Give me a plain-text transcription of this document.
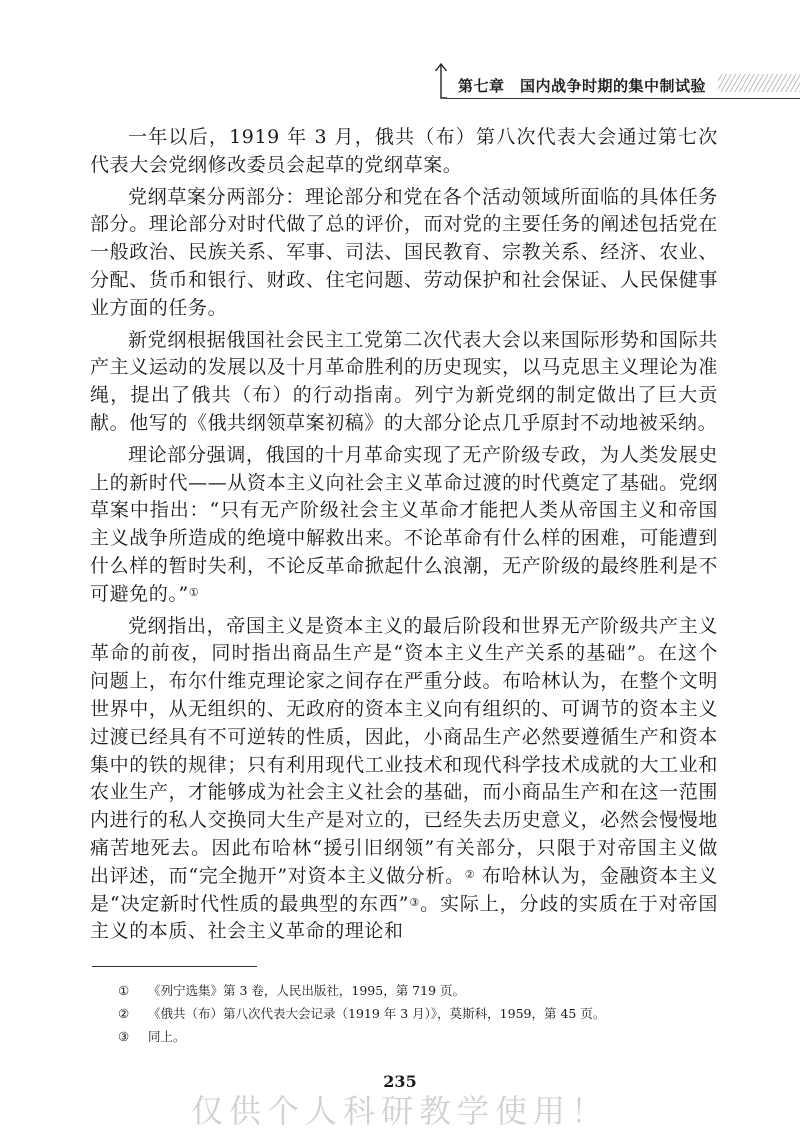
第七章　国内战争时期的集中制试验

一年以后，1919 年 3 月，俄共（布）第八次代表大会通过第七次代表大会党纲修改委员会起草的党纲草案。

党纲草案分两部分：理论部分和党在各个活动领域所面临的具体任务部分。理论部分对时代做了总的评价，而对党的主要任务的阐述包括党在一般政治、民族关系、军事、司法、国民教育、宗教关系、经济、农业、分配、货币和银行、财政、住宅问题、劳动保护和社会保证、人民保健事业方面的任务。

新党纲根据俄国社会民主工党第二次代表大会以来国际形势和国际共产主义运动的发展以及十月革命胜利的历史现实，以马克思主义理论为准绳，提出了俄共（布）的行动指南。列宁为新党纲的制定做出了巨大贡献。他写的《俄共纲领草案初稿》的大部分论点几乎原封不动地被采纳。

理论部分强调，俄国的十月革命实现了无产阶级专政，为人类发展史上的新时代——从资本主义向社会主义革命过渡的时代奠定了基础。党纲草案中指出：“只有无产阶级社会主义革命才能把人类从帝国主义和帝国主义战争所造成的绝境中解救出来。不论革命有什么样的困难，可能遭到什么样的暂时失利，不论反革命掀起什么浪潮，无产阶级的最终胜利是不可避免的。”①

党纲指出，帝国主义是资本主义的最后阶段和世界无产阶级共产主义革命的前夜，同时指出商品生产是“资本主义生产关系的基础”。在这个问题上，布尔什维克理论家之间存在严重分歧。布哈林认为，在整个文明世界中，从无组织的、无政府的资本主义向有组织的、可调节的资本主义过渡已经具有不可逆转的性质，因此，小商品生产必然要遵循生产和资本集中的铁的规律；只有利用现代工业技术和现代科学技术成就的大工业和农业生产，才能够成为社会主义社会的基础，而小商品生产和在这一范围内进行的私人交换同大生产是对立的，已经失去历史意义，必然会慢慢地痛苦地死去。因此布哈林“援引旧纲领”有关部分，只限于对帝国主义做出评述，而“完全抛开”对资本主义做分析。② 布哈林认为，金融资本主义是“决定新时代性质的最典型的东西”③。实际上，分歧的实质在于对帝国主义的本质、社会主义革命的理论和

① 《列宁选集》第 3 卷，人民出版社，1995，第 719 页。
② 《俄共（布）第八次代表大会记录（1919 年 3 月）》，莫斯科，1959，第 45 页。
③ 同上。
235
仅供个人科研教学使用！
